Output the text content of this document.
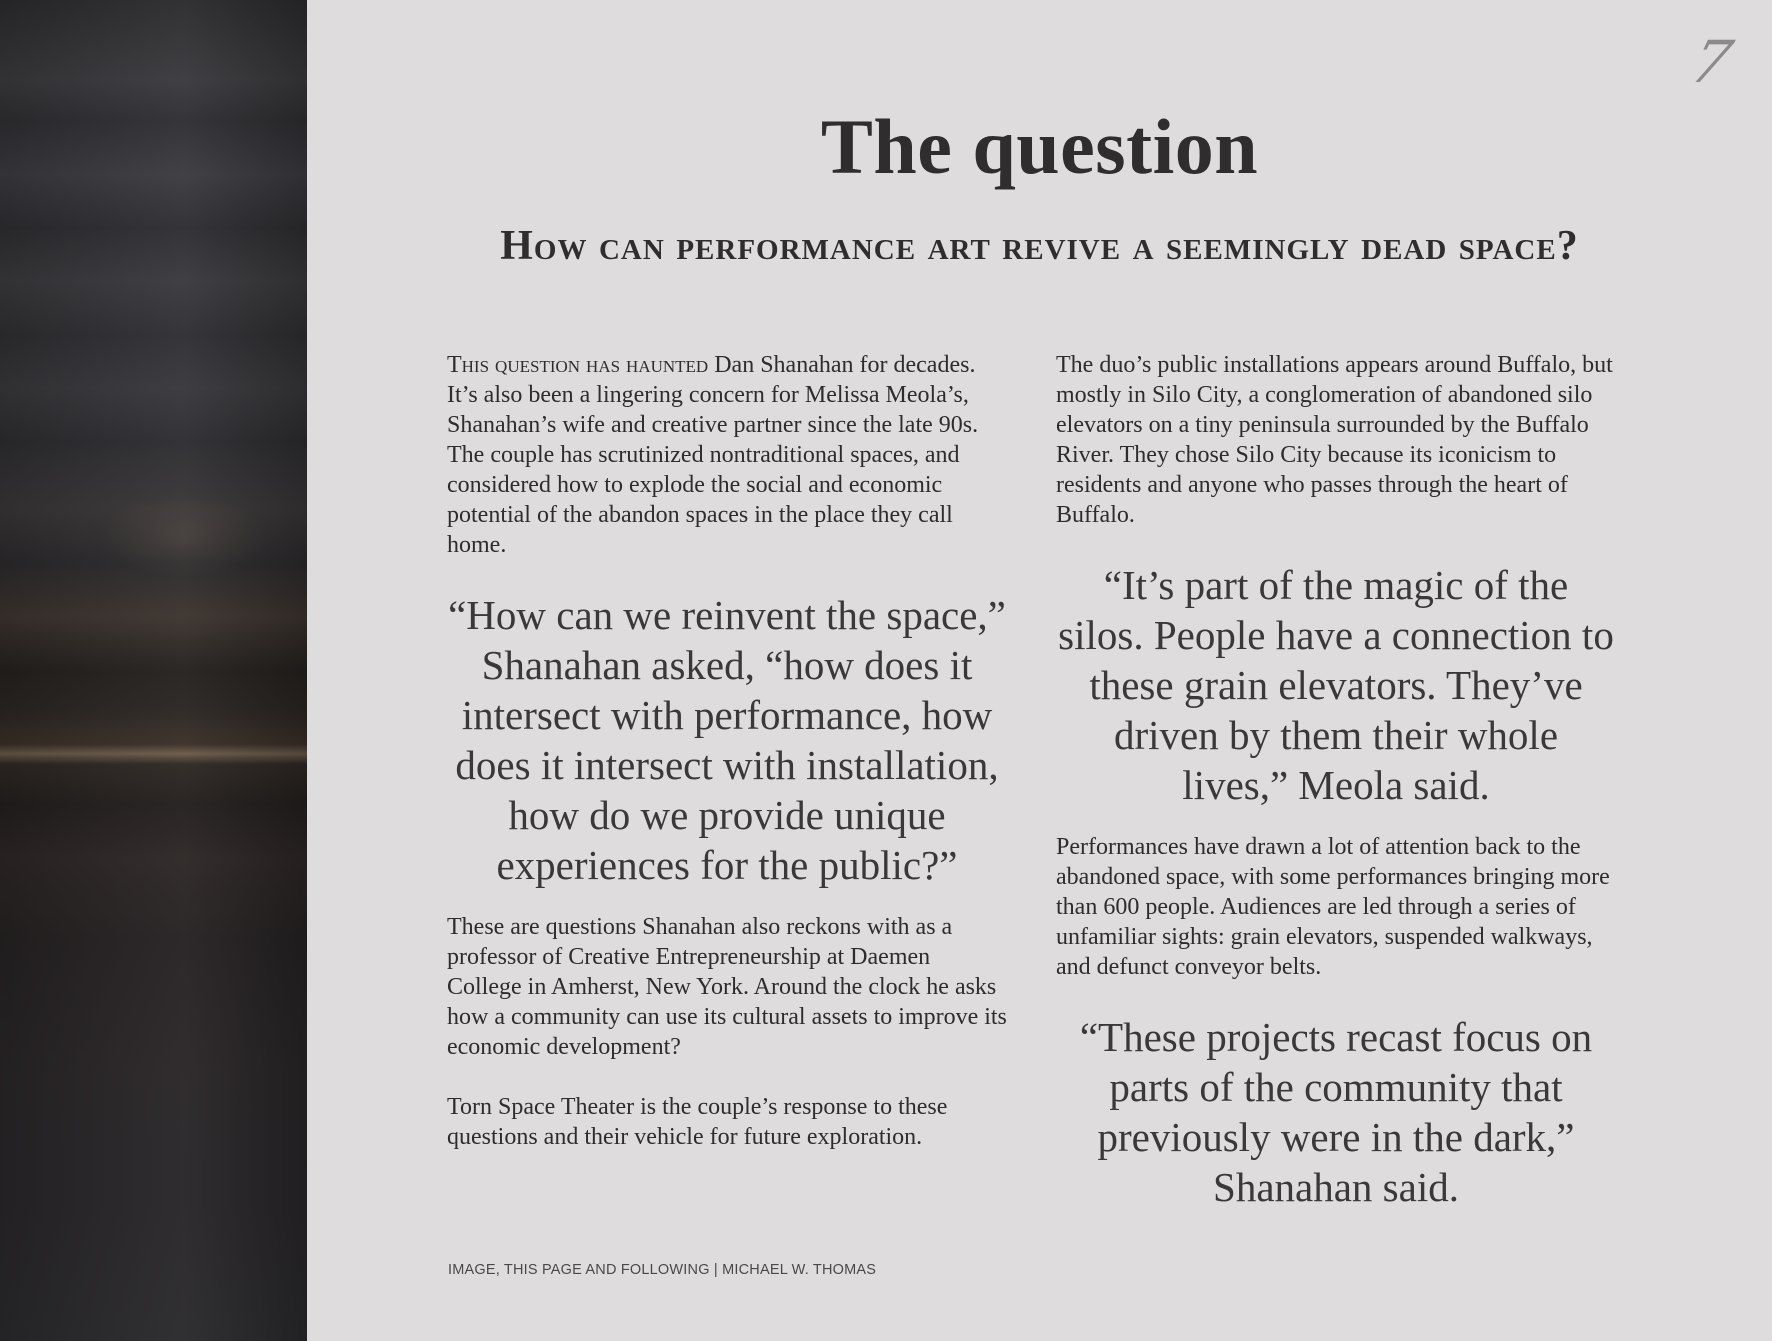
7
The question
How can performance art revive a seemingly dead space?

This question has haunted Dan Shanahan for decades. It’s also been a lingering concern for Melissa Meola’s, Shanahan’s wife and creative partner since the late 90s. The couple has scrutinized nontraditional spaces, and considered how to explode the social and economic potential of the abandon spaces in the place they call home.

“How can we reinvent the space,” Shanahan asked, “how does it intersect with performance, how does it intersect with installation, how do we provide unique experiences for the public?”

These are questions Shanahan also reckons with as a professor of Creative Entrepreneurship at Daemen College in Amherst, New York. Around the clock he asks how a community can use its cultural assets to improve its economic development?

Torn Space Theater is the couple’s response to these questions and their vehicle for future exploration.

The duo’s public installations appears around Buffalo, but mostly in Silo City, a conglomeration of abandoned silo elevators on a tiny peninsula surrounded by the Buffalo River. They chose Silo City because its iconicism to residents and anyone who passes through the heart of Buffalo.

“It’s part of the magic of the silos. People have a connection to these grain elevators. They’ve driven by them their whole lives,” Meola said.

Performances have drawn a lot of attention back to the abandoned space, with some performances bringing more than 600 people. Audiences are led through a series of unfamiliar sights: grain elevators, suspended walkways, and defunct conveyor belts.

“These projects recast focus on parts of the community that previously were in the dark,” Shanahan said.

IMAGE, THIS PAGE AND FOLLOWING | MICHAEL W. THOMAS
